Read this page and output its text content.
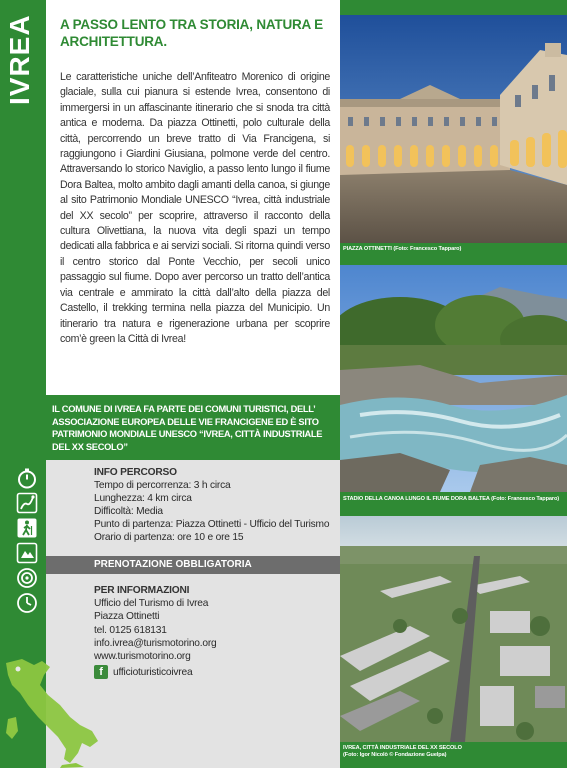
IVREA	A PASSO LENTO TRA STORIA, NATURA E ARCHITETTURA.
Le caratteristiche uniche dell’Anfiteatro Morenico di origine glaciale, sulla cui pianura si estende Ivrea, consentono di immergersi in un affascinante itinerario che si snoda tra città antica e moderna. Da piazza Ottinetti, polo culturale della città, percorrendo un breve tratto di Via Francigena, si raggiungono i Giardini Giusiana, polmone verde del centro. Attraversando lo storico Naviglio, a passo lento lungo il fiume Dora Baltea, molto ambito dagli amanti della canoa, si giunge al sito Patrimonio Mondiale UNESCO “Ivrea, città industriale del XX secolo” per scoprire, attraverso il racconto della cultura Olivettiana, la nuova vita degli spazi un tempo dedicati alla fabbrica e ai servizi sociali. Si ritorna quindi verso il centro storico dal Ponte Vecchio, per secoli unico passaggio sul fiume. Dopo aver percorso un tratto dell’antica via centrale e ammirato la città dall’alto della piazza del Castello, il trekking termina nella piazza del Municipio. Un itinerario tra natura e rigenerazione urbana per scoprire com’è green la Città di Ivrea!
IL COMUNE DI IVREA FA PARTE DEI COMUNI TURISTICI, DELL’ ASSOCIAZIONE EUROPEA DELLE VIE FRANCIGENE ED È SITO PATRIMONIO MONDIALE UNESCO “IVREA, CITTÀ INDUSTRIALE DEL XX SECOLO”
INFO PERCORSO
Tempo di percorrenza: 3 h circa
Lunghezza: 4 km circa
Difficoltà: Media
Punto di partenza: Piazza Ottinetti - Ufficio del Turismo
Orario di partenza: ore 10 e ore 15
PRENOTAZIONE OBBLIGATORIA
PER INFORMAZIONI
Ufficio del Turismo di Ivrea
Piazza Ottinetti
tel. 0125 618131
info.ivrea@turismotorino.org
www.turismotorino.org
f	ufficioturisticoivrea
PIAZZA OTTINETTI (Foto: Francesco Tapparo)
STADIO DELLA CANOA LUNGO IL FIUME DORA BALTEA (Foto: Francesco Tapparo)
IVREA, CITTÀ INDUSTRIALE DEL XX SECOLO
(Foto: Igor Nicolò © Fondazione Guelpa)
